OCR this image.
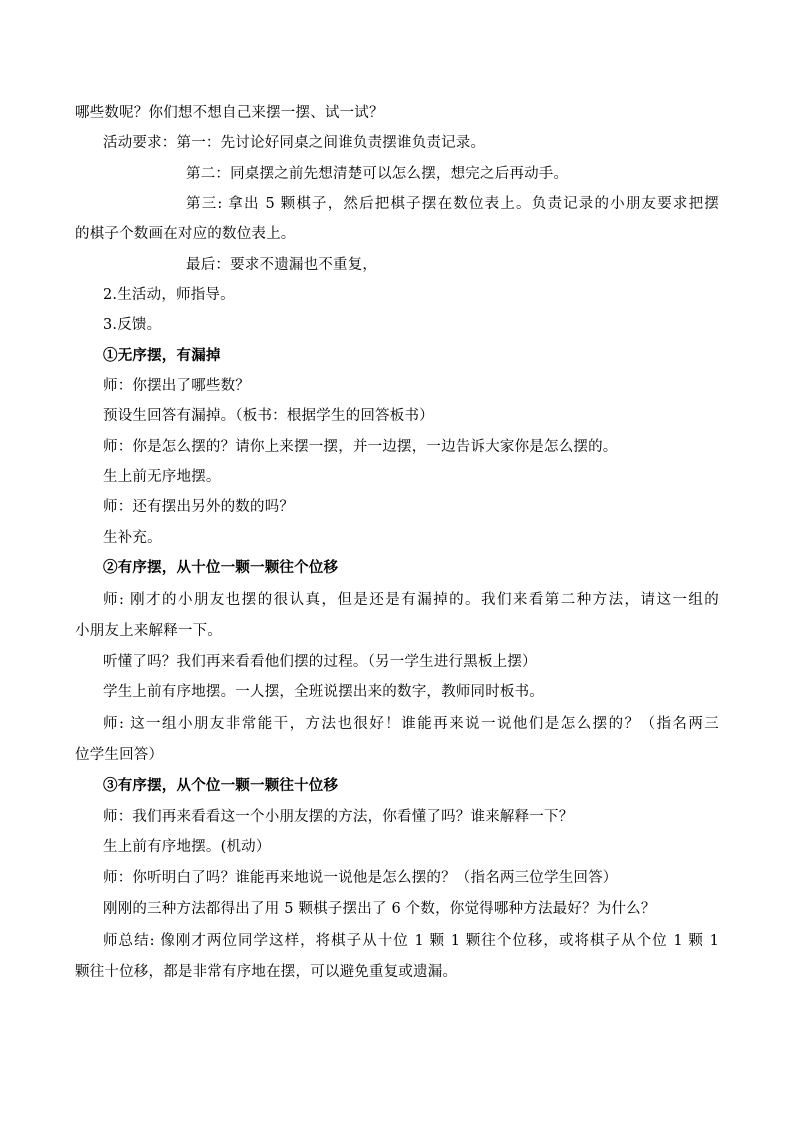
哪些数呢？你们想不想自己来摆一摆、试一试？
活动要求：第一：先讨论好同桌之间谁负责摆谁负责记录。
第二：同桌摆之前先想清楚可以怎么摆，想完之后再动手。
第三: 拿出 5 颗棋子，然后把棋子摆在数位表上。负责记录的小朋友要求把摆
的棋子个数画在对应的数位表上。
最后：要求不遗漏也不重复，
2.生活动，师指导。
3.反馈。
①无序摆，有漏掉
师：你摆出了哪些数？
预设生回答有漏掉。（板书：根据学生的回答板书）
师：你是怎么摆的？请你上来摆一摆，并一边摆，一边告诉大家你是怎么摆的。
生上前无序地摆。
师：还有摆出另外的数的吗？
生补充。
②有序摆，从十位一颗一颗往个位移
师: 刚才的小朋友也摆的很认真，但是还是有漏掉的。我们来看第二种方法，请这一组的
小朋友上来解释一下。
听懂了吗？我们再来看看他们摆的过程。（另一学生进行黑板上摆）
学生上前有序地摆。一人摆，全班说摆出来的数字，教师同时板书。
师: 这一组小朋友非常能干，方法也很好！谁能再来说一说他们是怎么摆的？（指名两三
位学生回答）
③有序摆，从个位一颗一颗往十位移
师：我们再来看看这一个小朋友摆的方法，你看懂了吗？谁来解释一下？
生上前有序地摆。(机动）
师：你听明白了吗？谁能再来地说一说他是怎么摆的？（指名两三位学生回答）
刚刚的三种方法都得出了用 5 颗棋子摆出了 6 个数，你觉得哪种方法最好？为什么？
师总结: 像刚才两位同学这样，将棋子从十位 1 颗 1 颗往个位移，或将棋子从个位 1 颗 1
颗往十位移，都是非常有序地在摆，可以避免重复或遗漏。
